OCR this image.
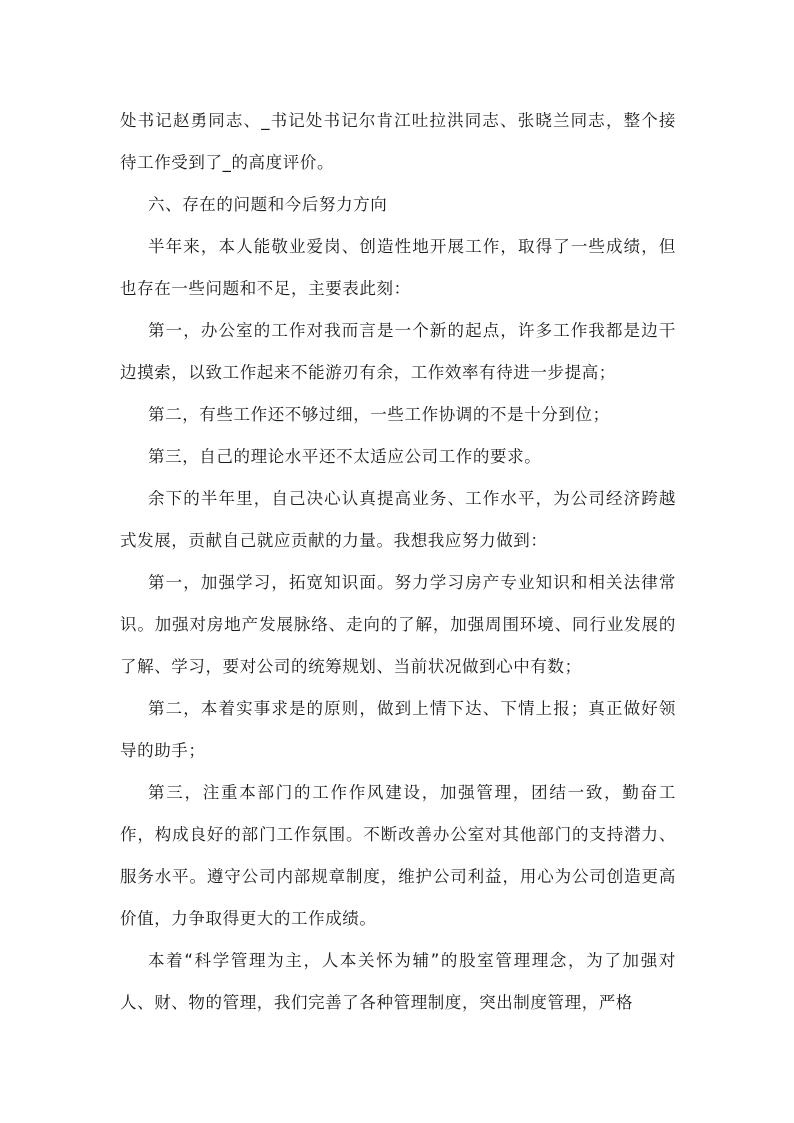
处书记赵勇同志、_书记处书记尔肯江吐拉洪同志、张晓兰同志，整个接待工作受到了_的高度评价。

六、存在的问题和今后努力方向

半年来，本人能敬业爱岗、创造性地开展工作，取得了一些成绩，但也存在一些问题和不足，主要表此刻：

第一，办公室的工作对我而言是一个新的起点，许多工作我都是边干边摸索，以致工作起来不能游刃有余，工作效率有待进一步提高；

第二，有些工作还不够过细，一些工作协调的不是十分到位；

第三，自己的理论水平还不太适应公司工作的要求。

余下的半年里，自己决心认真提高业务、工作水平，为公司经济跨越式发展，贡献自己就应贡献的力量。我想我应努力做到：

第一，加强学习，拓宽知识面。努力学习房产专业知识和相关法律常识。加强对房地产发展脉络、走向的了解，加强周围环境、同行业发展的了解、学习，要对公司的统筹规划、当前状况做到心中有数；

第二，本着实事求是的原则，做到上情下达、下情上报；真正做好领导的助手；

第三，注重本部门的工作作风建设，加强管理，团结一致，勤奋工作，构成良好的部门工作氛围。不断改善办公室对其他部门的支持潜力、服务水平。遵守公司内部规章制度，维护公司利益，用心为公司创造更高价值，力争取得更大的工作成绩。

本着“科学管理为主，人本关怀为辅”的股室管理理念，为了加强对人、财、物的管理，我们完善了各种管理制度，突出制度管理，严格
